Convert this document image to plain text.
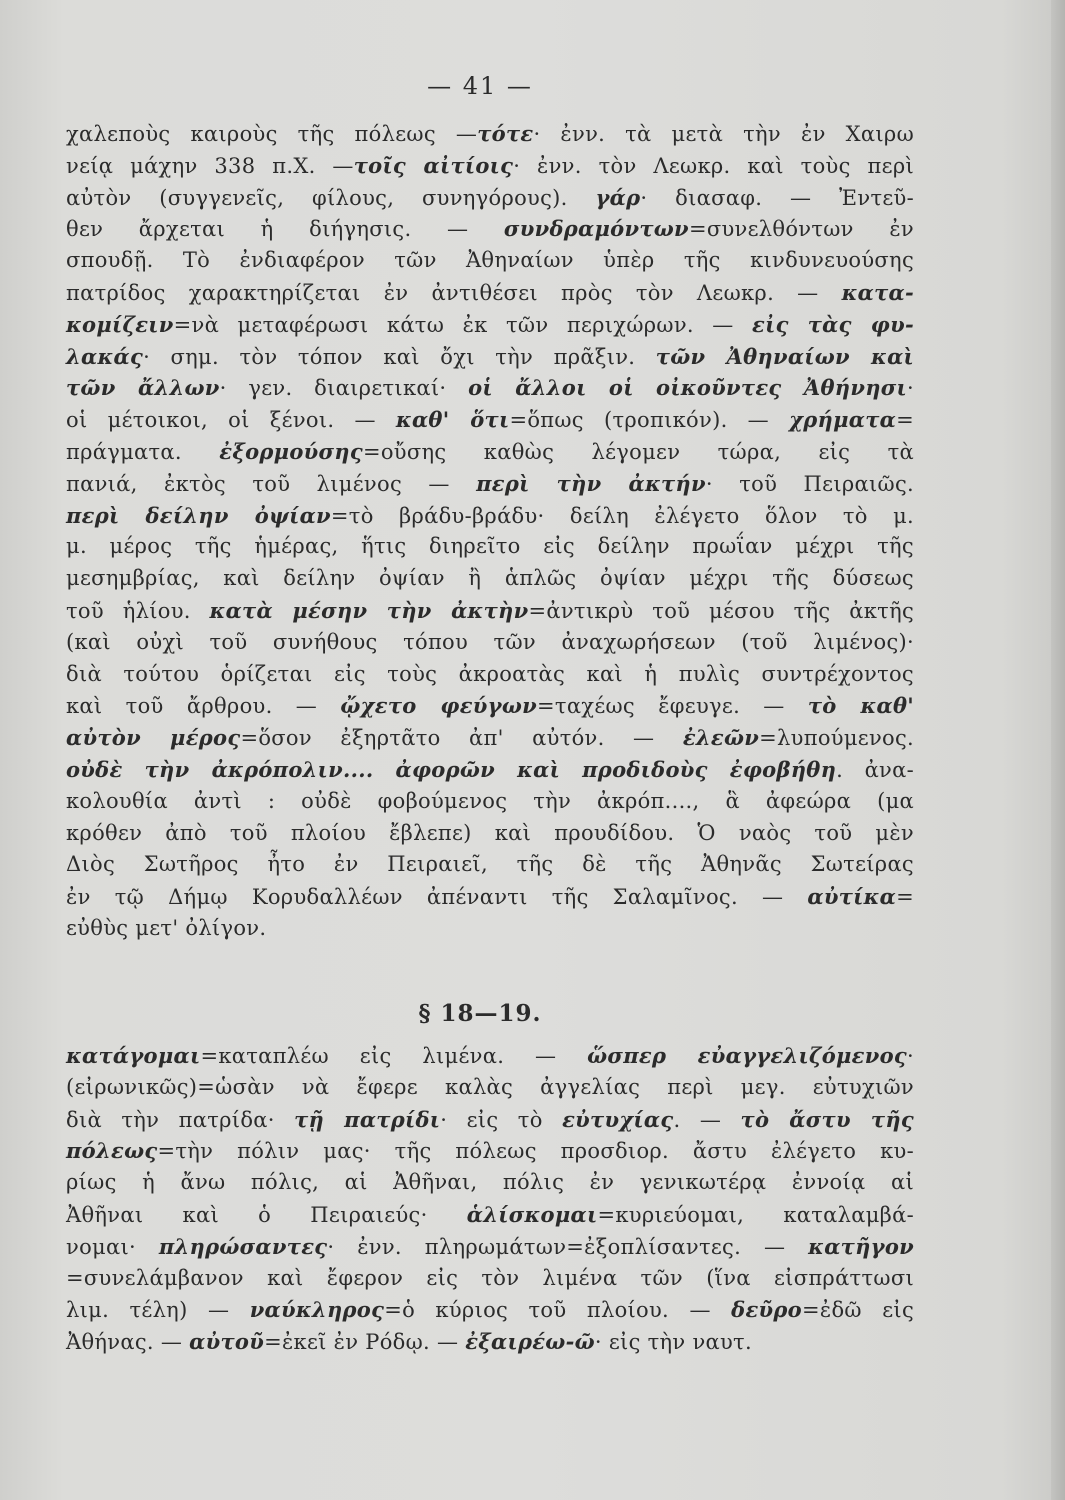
— 41 —
χαλεποὺς καιροὺς τῆς πόλεως —τότε· ἐνν. τὰ μετὰ τὴν ἐν Χαιρω
νείᾳ μάχην 338 π.Χ. —τοῖς αἰτίοις· ἐνν. τὸν Λεωκρ. καὶ τοὺς περὶ
αὐτὸν (συγγενεῖς, φίλους, συνηγόρους). γάρ· διασαφ. — Ἐντεῦ-
θεν ἄρχεται ἡ διήγησις. — συνδραμόντων=συνελθόντων ἐν
σπουδῇ. Τὸ ἐνδιαφέρον τῶν Ἀθηναίων ὑπὲρ τῆς κινδυνευούσης
πατρίδος χαρακτηρίζεται ἐν ἀντιθέσει πρὸς τὸν Λεωκρ. — κατα-
κομίζειν=νὰ μεταφέρωσι κάτω ἐκ τῶν περιχώρων. — εἰς τὰς φυ-
λακάς· σημ. τὸν τόπον καὶ ὄχι τὴν πρᾶξιν. τῶν Ἀθηναίων καὶ
τῶν ἄλλων· γεν. διαιρετικαί· οἱ ἄλλοι οἱ οἰκοῦντες Ἀθήνησι·
οἱ μέτοικοι, οἱ ξένοι. — καθ' ὅτι=ὅπως (τροπικόν). — χρήματα=
πράγματα. ἐξορμούσης=οὔσης καθὼς λέγομεν τώρα, εἰς τὰ
πανιά, ἐκτὸς τοῦ λιμένος — περὶ τὴν ἀκτήν· τοῦ Πειραιῶς.
περὶ δείλην ὀψίαν=τὸ βράδυ-βράδυ· δείλη ἐλέγετο ὅλον τὸ μ.
μ. μέρος τῆς ἡμέρας, ἥτις διηρεῖτο εἰς δείλην πρωΐαν μέχρι τῆς
μεσημβρίας, καὶ δείλην ὀψίαν ἢ ἁπλῶς ὀψίαν μέχρι τῆς δύσεως
τοῦ ἡλίου. κατὰ μέσην τὴν ἀκτὴν=ἀντικρὺ τοῦ μέσου τῆς ἀκτῆς
(καὶ οὐχὶ τοῦ συνήθους τόπου τῶν ἀναχωρήσεων (τοῦ λιμένος)·
διὰ τούτου ὁρίζεται εἰς τοὺς ἀκροατὰς καὶ ἡ πυλὶς συντρέχοντος
καὶ τοῦ ἄρθρου. — ᾤχετο φεύγων=ταχέως ἔφευγε. — τὸ καθ'
αὐτὸν μέρος=ὅσον ἐξηρτᾶτο ἀπ' αὐτόν. — ἐλεῶν=λυπούμενος.
οὐδὲ τὴν ἀκρόπολιν.... ἀφορῶν καὶ προδιδοὺς ἐφοβήθη. ἀνα-
κολουθία ἀντὶ : οὐδὲ φοβούμενος τὴν ἀκρόπ...., ἃ ἀφεώρα (μα
κρόθεν ἀπὸ τοῦ πλοίου ἔβλεπε) καὶ προυδίδου. Ὁ ναὸς τοῦ μὲν
Διὸς Σωτῆρος ἦτο ἐν Πειραιεῖ, τῆς δὲ τῆς Ἀθηνᾶς Σωτείρας
ἐν τῷ Δήμῳ Κορυδαλλέων ἀπέναντι τῆς Σαλαμῖνος. — αὐτίκα=
εὐθὺς μετ' ὀλίγον.
§ 18—19.
κατάγομαι=καταπλέω εἰς λιμένα. — ὥσπερ εὐαγγελιζόμενος·
(εἰρωνικῶς)=ὡσὰν νὰ ἔφερε καλὰς ἀγγελίας περὶ μεγ. εὐτυχιῶν
διὰ τὴν πατρίδα· τῇ πατρίδι· εἰς τὸ εὐτυχίας. — τὸ ἄστυ τῆς
πόλεως=τὴν πόλιν μας· τῆς πόλεως προσδιορ. ἄστυ ἐλέγετο κυ-
ρίως ἡ ἄνω πόλις, αἱ Ἀθῆναι, πόλις ἐν γενικωτέρᾳ ἐννοίᾳ αἱ
Ἀθῆναι καὶ ὁ Πειραιεύς· ἁλίσκομαι=κυριεύομαι, καταλαμβά-
νομαι· πληρώσαντες· ἐνν. πληρωμάτων=ἐξοπλίσαντες. — κατῆγον
=συνελάμβανον καὶ ἔφερον εἰς τὸν λιμένα τῶν (ἵνα εἰσπράττωσι
λιμ. τέλη) — ναύκληρος=ὁ κύριος τοῦ πλοίου. — δεῦρο=ἐδῶ εἰς
Ἀθήνας. — αὐτοῦ=ἐκεῖ ἐν Ρόδῳ. — ἐξαιρέω-ῶ· εἰς τὴν ναυτ.
